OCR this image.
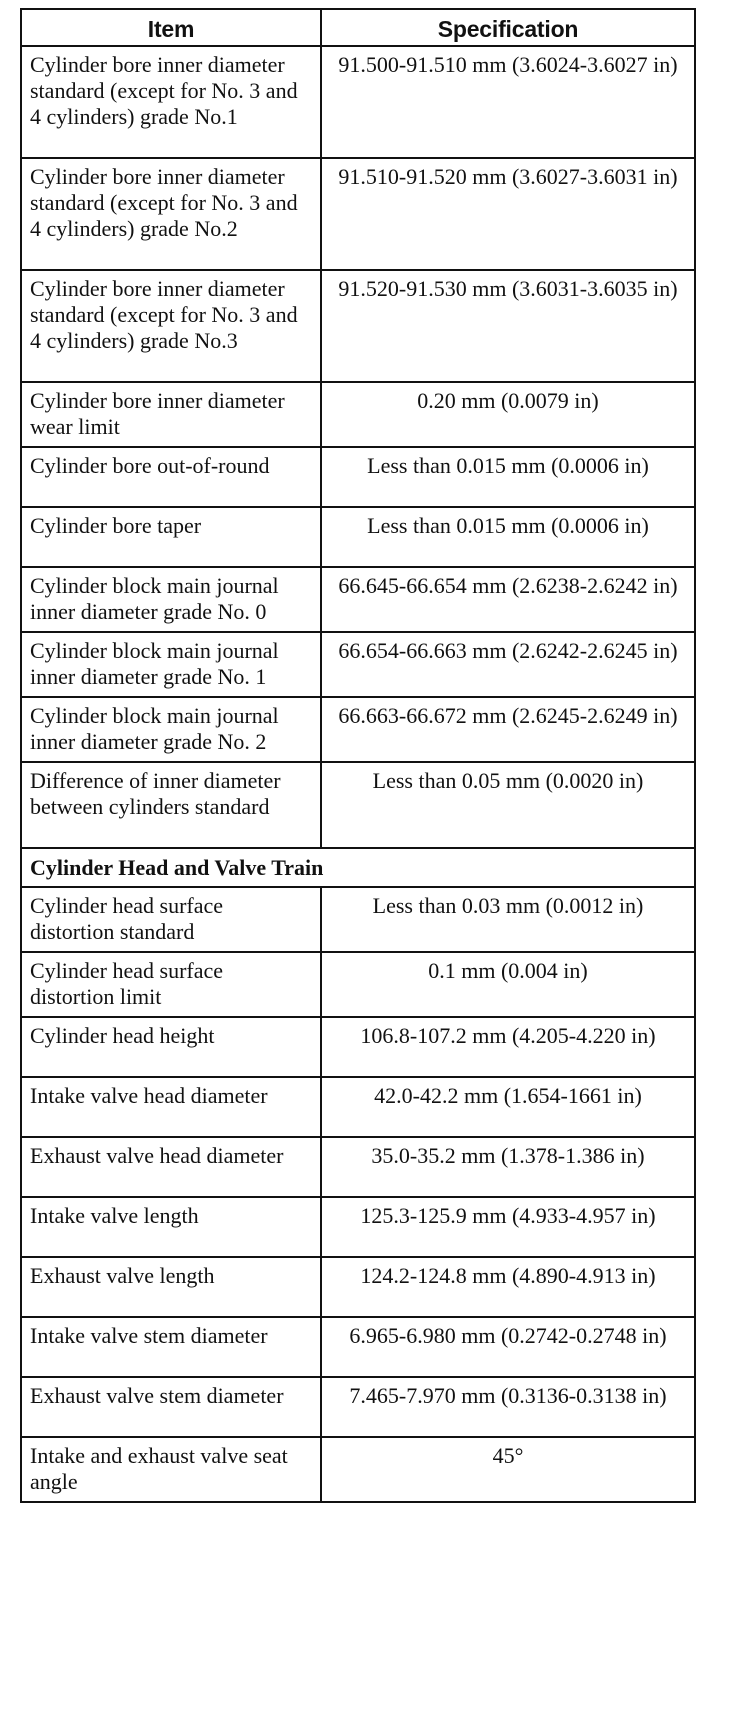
Item	Specification
Cylinder bore inner diameter standard (except for No. 3 and 4 cylinders) grade No.1	91.500-91.510 mm (3.6024-3.6027 in)
Cylinder bore inner diameter standard (except for No. 3 and 4 cylinders) grade No.2	91.510-91.520 mm (3.6027-3.6031 in)
Cylinder bore inner diameter standard (except for No. 3 and 4 cylinders) grade No.3	91.520-91.530 mm (3.6031-3.6035 in)
Cylinder bore inner diameter wear limit	0.20 mm (0.0079 in)
Cylinder bore out-of-round	Less than 0.015 mm (0.0006 in)
Cylinder bore taper	Less than 0.015 mm (0.0006 in)
Cylinder block main journal inner diameter grade No. 0	66.645-66.654 mm (2.6238-2.6242 in)
Cylinder block main journal inner diameter grade No. 1	66.654-66.663 mm (2.6242-2.6245 in)
Cylinder block main journal inner diameter grade No. 2	66.663-66.672 mm (2.6245-2.6249 in)
Difference of inner diameter between cylinders standard	Less than 0.05 mm (0.0020 in)
Cylinder Head and Valve Train	
Cylinder head surface distortion standard	Less than 0.03 mm (0.0012 in)
Cylinder head surface distortion limit	0.1 mm (0.004 in)
Cylinder head height	106.8-107.2 mm (4.205-4.220 in)
Intake valve head diameter	42.0-42.2 mm (1.654-1661 in)
Exhaust valve head diameter	35.0-35.2 mm (1.378-1.386 in)
Intake valve length	125.3-125.9 mm (4.933-4.957 in)
Exhaust valve length	124.2-124.8 mm (4.890-4.913 in)
Intake valve stem diameter	6.965-6.980 mm (0.2742-0.2748 in)
Exhaust valve stem diameter	7.465-7.970 mm (0.3136-0.3138 in)
Intake and exhaust valve seat angle	45°
